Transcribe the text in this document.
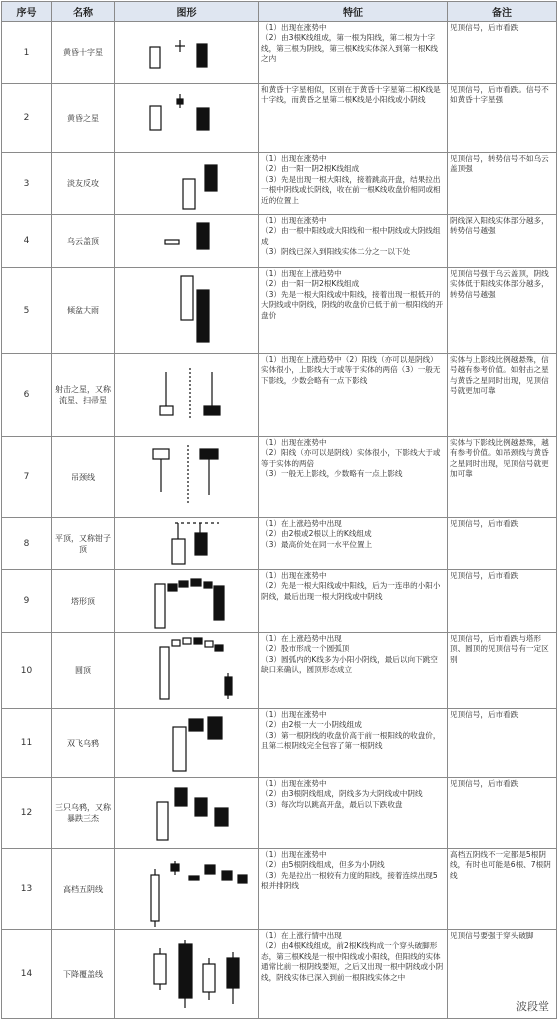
序号	名称	图形	特征	备注
1	黄昏十字星		（1）出现在涨势中
（2）由3根K线组成，第一根为阳线，第二根为十字线，第三根为阴线，第三根K线实体深入到第一根K线之内	见顶信号，后市看跌
2	黄昏之星		和黄昏十字星相似，区别在于黄昏十字星第二根K线是十字线，而黄昏之星第二根K线是小阳线或小阴线	见顶信号，后市看跌。信号不如黄昏十字星强
3	淡友反攻		（1）出现在涨势中
（2）由一阳一阴2根K线组成
（3）先是出现一根大阳线，接着跳高开盘，结果拉出一根中阴线或长阴线，收在前一根K线收盘价相同或相近的位置上	见顶信号，转势信号不如乌云盖顶强
4	乌云盖顶		（1）出现在涨势中
（2）由一根中阳线或大阳线和一根中阴线或大阴线组成
（3）阴线已深入到阳线实体二分之一以下处	阴线深入阳线实体部分越多，转势信号越强
5	倾盆大雨		（1）出现在上涨趋势中
（2）由一阳一阴2根K线组成
（3）先是一根大阳线或中阳线，接着出现一根低开的大阴线或中阴线，阴线的收盘价已低于前一根阳线的开盘价	见顶信号强于乌云盖顶，阴线实体低于阳线实体部分越多，转势信号越强
6	射击之星，又称流星、扫帚星		（1）出现在上涨趋势中（2）阳线（亦可以是阴线）实体很小，上影线大于或等于实体的两倍（3）一般无下影线，少数会略有一点下影线	实体与上影线比例越悬殊，信号越有参考价值。如射击之星与黄昏之星同时出现，见顶信号就更加可靠
7	吊颈线		（1）出现在涨势中
（2）阳线（亦可以是阴线）实体很小，下影线大于或等于实体的两倍
（3）一般无上影线，少数略有一点上影线	实体与下影线比例越悬殊，越有参考价值。如吊颈线与黄昏之星同时出现，见顶信号就更加可靠
8	平顶，又称钳子顶		（1）在上涨趋势中出现
（2）由2根或2根以上的K线组成
（3）最高价处在同一水平位置上	见顶信号，后市看跌
9	塔形顶		（1）出现在涨势中
（2）先是一根大阳线或中阳线，后为一连串的小阳小阴线，最后出现一根大阴线或中阴线	见顶信号，后市看跌
10	圆顶		（1）在上涨趋势中出现
（2）股市形成一个圆弧顶
（3）圆弧内的K线多为小阳小阴线，最后以向下跳空缺口来确认，圆顶形态成立	见顶信号，后市看跌与塔形顶、圆顶的见顶信号有一定区别
11	双飞乌鸦		（1）出现在涨势中
（2）由2根一大一小阴线组成
（3）第一根阴线的收盘价高于前一根阳线的收盘价，且第二根阴线完全包容了第一根阴线	见顶信号，后市看跌
12	三只乌鸦，又称暴跌三杰		（1）出现在涨势中
（2）由3根阴线组成，阴线多为大阴线或中阴线
（3）每次均以跳高开盘，最后以下跌收盘	见顶信号，后市看跌
13	高档五阴线		（1）出现在涨势中
（2）由5根阴线组成，但多为小阴线
（3）先是拉出一根较有力度的阳线，接着连续出现5根并排阴线	高档五阴线不一定都是5根阴线，有时也可能是6根、7根阴线
14	下降覆盖线		（1）在上涨行情中出现
（2）由4根K线组成，前2根K线构成一个穿头破脚形态，第三根K线是一根中阳线或小阳线，但阳线的实体通常比前一根阴线要短，之后又出现一根中阴线或小阴线，阴线实体已深入到前一根阳线实体之中	见顶信号要强于穿头破脚
波段堂
